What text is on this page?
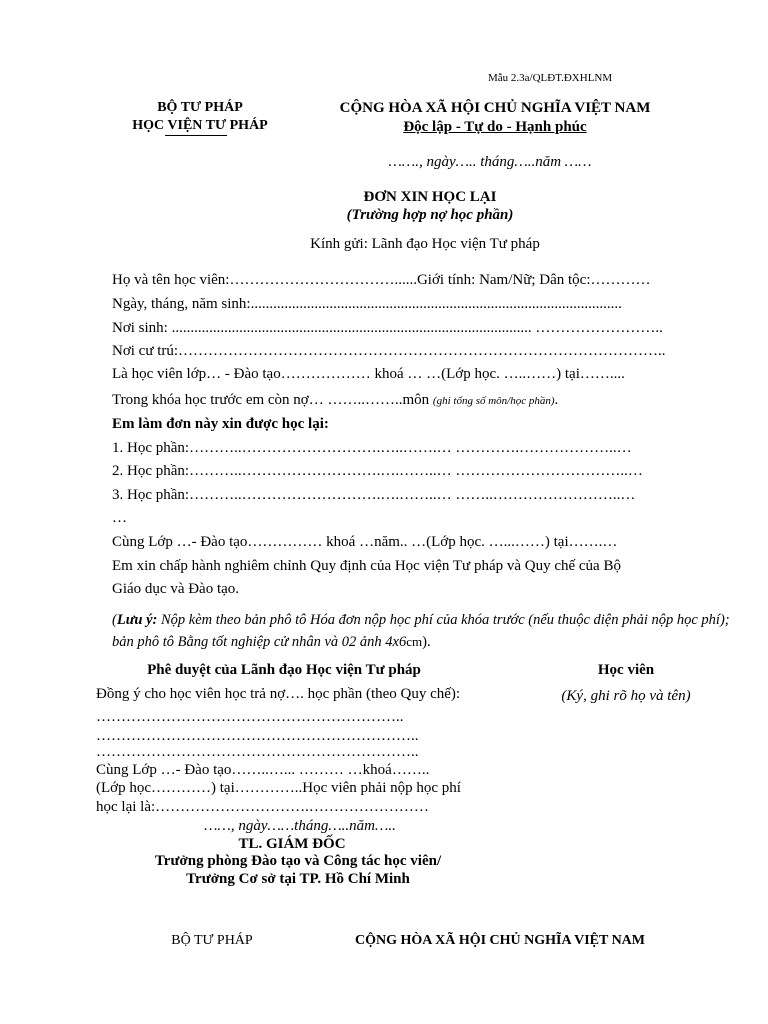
Mẫu 2.3a/QLĐT.ĐXHLNM
BỘ TƯ PHÁP
HỌC VIỆN TƯ PHÁP
CỘNG HÒA XÃ HỘI CHỦ NGHĨA VIỆT NAM
Độc lập - Tự do - Hạnh phúc
……., ngày….. tháng…..năm ……
ĐƠN XIN HỌC LẠI
(Trường hợp nợ học phần)
Kính gửi: Lãnh đạo Học viện Tư pháp
Họ và tên học viên:……………………………......Giới tính: Nam/Nữ; Dân tộc:…………
Ngày, tháng, năm sinh:...................................................................................................
Nơi sinh: ................................................................................................ ……………………..
Nơi cư trú:……………………………………………………………………………………..
Là học viên lớp… - Đào tạo……………… khoá … …(Lớp học. …..……) tại……....
Trong khóa học trước em còn nợ… ……..……..môn (ghi tổng số môn/học phần).
Em làm đơn này xin được học lại:
1. Học phần:………..……………………….…..…….… ………….………………..…
2. Học phần:………..……………………….….……..… ……………………………..…
3. Học phần:………..……………………….….……..… ……..……………………..…
…
Cùng Lớp …- Đào tạo…………… khoá …năm.. …(Lớp học. …...……) tại…….…
Em xin chấp hành nghiêm chỉnh Quy định của Học viện Tư pháp và Quy chế của Bộ
Giáo dục và Đào tạo.
(Lưu ý: Nộp kèm theo bản phô tô Hóa đơn nộp học phí của khóa trước (nếu thuộc diện phải nộp học phí); bản phô tô Bằng tốt nghiệp cử nhân và 02 ảnh 4x6cm).
Phê duyệt của Lãnh đạo Học viện Tư pháp
Đồng ý cho học viên học trả nợ…. học phần (theo Quy chế):
……………………………………………………..
………………………………………………………..
………………………………………………………..
Cùng Lớp …- Đào tạo……..…... ……… …khoá……..
(Lớp học…………) tại…………..Học viên phải nộp học phí
học lại là:………………………….……………………
……, ngày……tháng…..năm…..
TL. GIÁM ĐỐC
Trưởng phòng Đào tạo và Công tác học viên/
Trưởng Cơ sở tại TP. Hồ Chí Minh
Học viên
(Ký, ghi rõ họ và tên)
BỘ TƯ PHÁP	CỘNG HÒA XÃ HỘI CHỦ NGHĨA VIỆT NAM
